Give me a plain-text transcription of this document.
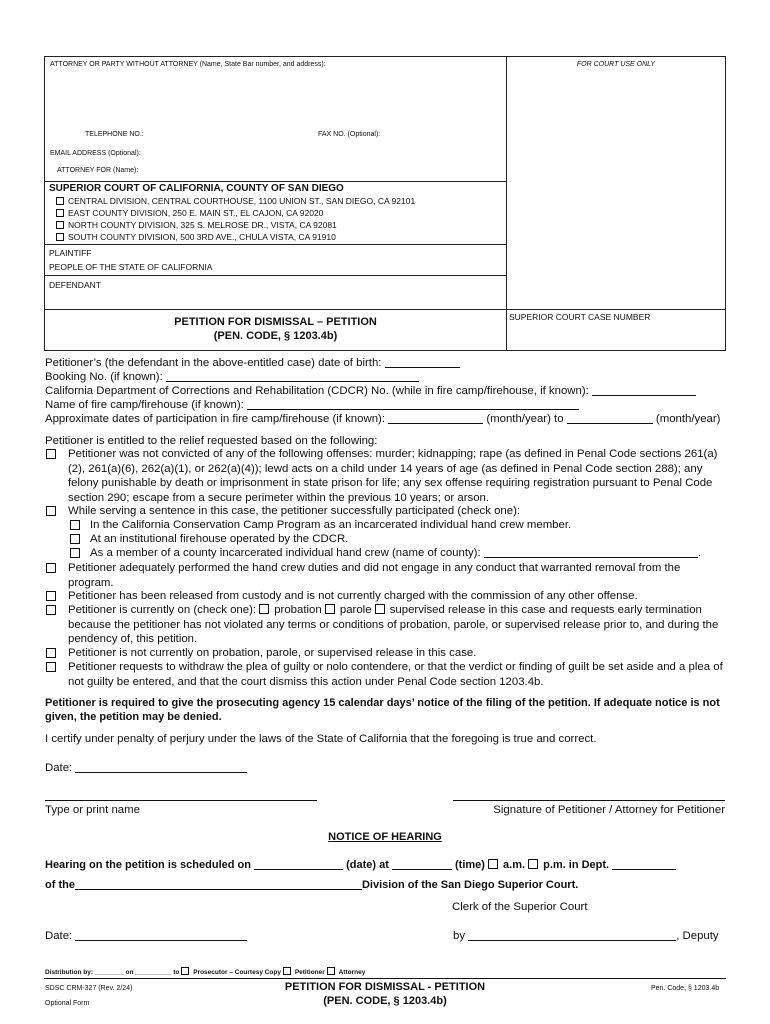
ATTORNEY OR PARTY WITHOUT ATTORNEY (Name, State Bar number, and address):	FOR COURT USE ONLY
TELEPHONE NO.:	FAX NO. (Optional):
EMAIL ADDRESS (Optional):
ATTORNEY FOR (Name):
SUPERIOR COURT OF CALIFORNIA, COUNTY OF SAN DIEGO
CENTRAL DIVISION, CENTRAL COURTHOUSE, 1100 UNION ST., SAN DIEGO, CA 92101
EAST COUNTY DIVISION, 250 E. MAIN ST., EL CAJON, CA 92020
NORTH COUNTY DIVISION, 325 S. MELROSE DR., VISTA, CA 92081
SOUTH COUNTY DIVISION, 500 3RD AVE., CHULA VISTA, CA 91910
PLAINTIFF
PEOPLE OF THE STATE OF CALIFORNIA
DEFENDANT
PETITION FOR DISMISSAL – PETITION
(PEN. CODE, § 1203.4b)
SUPERIOR COURT CASE NUMBER
Petitioner’s (the defendant in the above-entitled case) date of birth:
Booking No. (if known):
California Department of Corrections and Rehabilitation (CDCR) No. (while in fire camp/firehouse, if known):
Name of fire camp/firehouse (if known):
Approximate dates of participation in fire camp/firehouse (if known):	(month/year) to	(month/year)
Petitioner is entitled to the relief requested based on the following:
Petitioner was not convicted of any of the following offenses: murder; kidnapping; rape (as defined in Penal Code sections 261(a)(2), 261(a)(6), 262(a)(1), or 262(a)(4)); lewd acts on a child under 14 years of age (as defined in Penal Code section 288); any felony punishable by death or imprisonment in state prison for life; any sex offense requiring registration pursuant to Penal Code section 290; escape from a secure perimeter within the previous 10 years; or arson.
While serving a sentence in this case, the petitioner successfully participated (check one):
In the California Conservation Camp Program as an incarcerated individual hand crew member.
At an institutional firehouse operated by the CDCR.
As a member of a county incarcerated individual hand crew (name of county):	.
Petitioner adequately performed the hand crew duties and did not engage in any conduct that warranted removal from the program.
Petitioner has been released from custody and is not currently charged with the commission of any other offense.
Petitioner is currently on (check one): probation parole supervised release in this case and requests early termination because the petitioner has not violated any terms or conditions of probation, parole, or supervised release prior to, and during the pendency of, this petition.
Petitioner is not currently on probation, parole, or supervised release in this case.
Petitioner requests to withdraw the plea of guilty or nolo contendere, or that the verdict or finding of guilt be set aside and a plea of not guilty be entered, and that the court dismiss this action under Penal Code section 1203.4b.
Petitioner is required to give the prosecuting agency 15 calendar days’ notice of the filing of the petition. If adequate notice is not given, the petition may be denied.
I certify under penalty of perjury under the laws of the State of California that the foregoing is true and correct.
Date:
Type or print name	Signature of Petitioner / Attorney for Petitioner
NOTICE OF HEARING
Hearing on the petition is scheduled on	(date) at	(time) a.m. p.m. in Dept.
of the	Division of the San Diego Superior Court.
Clerk of the Superior Court
Date:	by	, Deputy
Distribution by: ________ on __________ to Prosecutor – Courtesy Copy Petitioner Attorney
SDSC CRM-327 (Rev. 2/24)
Optional Form
PETITION FOR DISMISSAL - PETITION
(PEN. CODE, § 1203.4b)
Pen. Code, § 1203.4b
